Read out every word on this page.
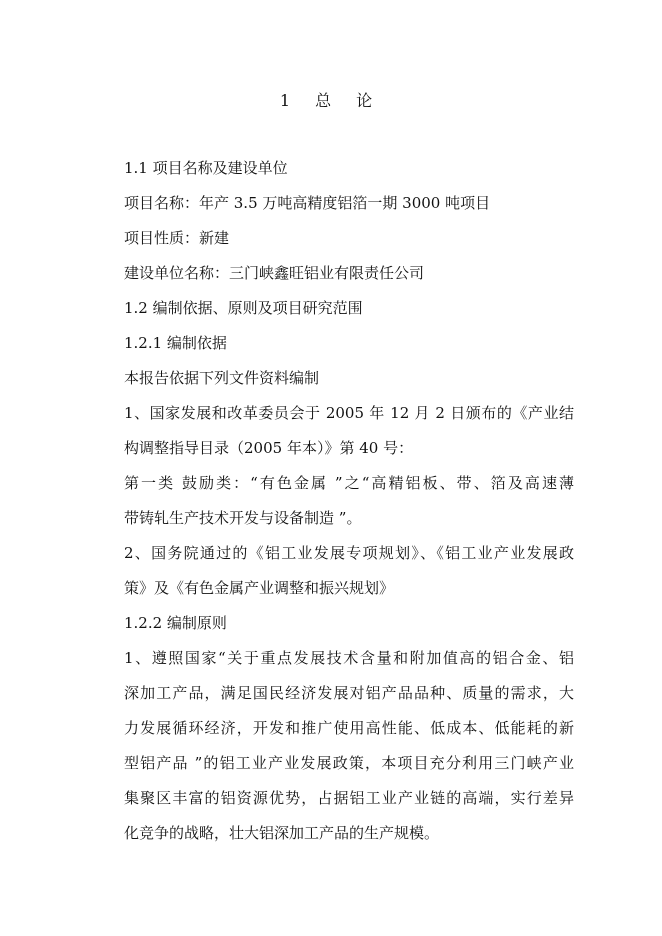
1 总 论
1.1 项目名称及建设单位
项目名称：年产 3.5 万吨高精度铝箔一期 3000 吨项目
项目性质：新建
建设单位名称：三门峡鑫旺铝业有限责任公司
1.2 编制依据、原则及项目研究范围
1.2.1 编制依据
本报告依据下列文件资料编制
1、国家发展和改革委员会于 2005 年 12 月 2 日颁布的《产业结
构调整指导目录（2005 年本）》第 40 号：
第一类 鼓励类：“有色金属 ”之“高精铝板、带、箔及高速薄
带铸轧生产技术开发与设备制造 ”。
2、国务院通过的《铝工业发展专项规划》、《铝工业产业发展政
策》及《有色金属产业调整和振兴规划》
1.2.2 编制原则
1、遵照国家“关于重点发展技术含量和附加值高的铝合金、铝
深加工产品，满足国民经济发展对铝产品品种、质量的需求，大
力发展循环经济，开发和推广使用高性能、低成本、低能耗的新
型铝产品 ”的铝工业产业发展政策，本项目充分利用三门峡产业
集聚区丰富的铝资源优势，占据铝工业产业链的高端，实行差异
化竞争的战略，壮大铝深加工产品的生产规模。
